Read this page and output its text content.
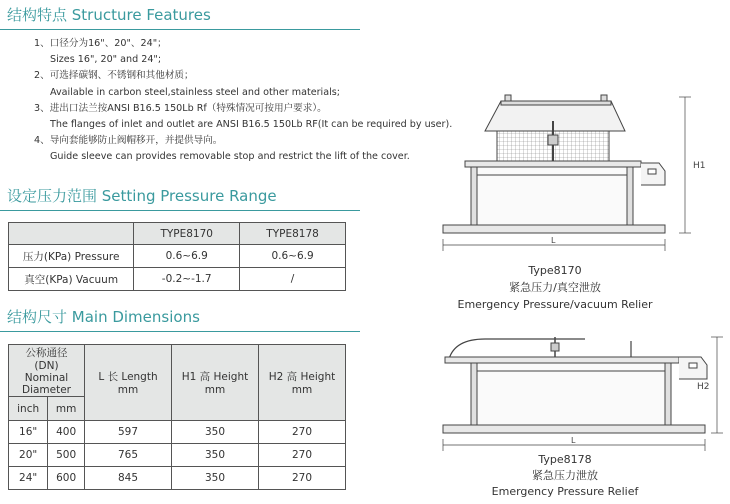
结构特点 Structure Features
1、口径分为16"、20"、24"；
Sizes 16", 20" and 24";
2、可选择碳钢、不锈钢和其他材质；
Available in carbon steel,stainless steel and other materials;
3、进出口法兰按ANSI B16.5 150Lb Rf（特殊情况可按用户要求）。
The flanges of inlet and outlet are ANSI B16.5 150Lb RF(It can be required by user).
4、导向套能够防止阀帽移开，并提供导向。
Guide sleeve can provides removable stop and restrict the lift of the cover.
设定压力范围 Setting Pressure Range
	TYPE8170	TYPE8178
压力(KPa) Pressure	0.6~6.9	0.6~6.9
真空(KPa) Vacuum	-0.2~-1.7	/
结构尺寸 Main Dimensions
公称通径(DN) Nominal Diameter		L 长 Length mm	H1 高 Height mm	H2 高 Height mm
inch	mm			
16"	400	597	350	270
20"	500	765	350	270
24"	600	845	350	270
H1
L
Type8170
紧急压力/真空泄放
Emergency Pressure/vacuum Relier
H2
L
Type8178
紧急压力泄放
Emergency Pressure Relief
